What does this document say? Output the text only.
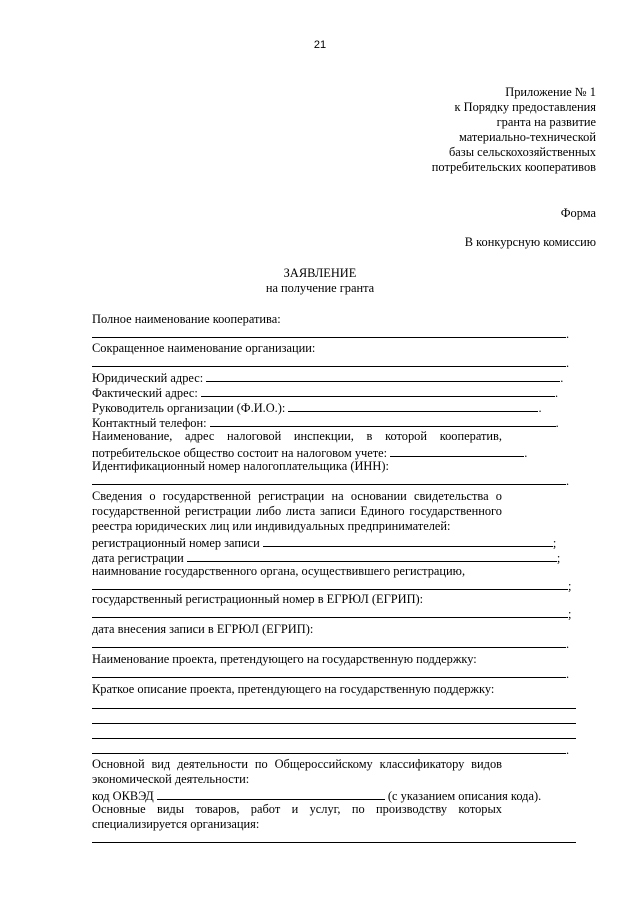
21
Приложение № 1
к Порядку предоставления
гранта на развитие
материально-технической
базы сельскохозяйственных
потребительских кооперативов
Форма
В конкурсную комиссию
ЗАЯВЛЕНИЕ
на получение гранта
Полное наименование кооператива:
.
Сокращенное наименование организации:
.
Юридический адрес:	.
Фактический адрес:	.
Руководитель организации (Ф.И.О.):	.
Контактный телефон:	.
Наименование, адрес налоговой инспекции, в которой кооператив,
потребительское общество состоит на налоговом учете:	.
Идентификационный номер налогоплательщика (ИНН):
.
Сведения о государственной регистрации на основании свидетельства о
государственной регистрации либо листа записи Единого государственного
реестра юридических лиц или индивидуальных предпринимателей:
регистрационный номер записи	;
дата регистрации	;
наимнование государственного органа, осуществившего регистрацию,
;
государственный регистрационный номер в ЕГРЮЛ (ЕГРИП):
;
дата внесения записи в ЕГРЮЛ (ЕГРИП):
.
Наименование проекта, претендующего на государственную поддержку:
.
Краткое описание проекта, претендующего на государственную поддержку:
.
Основной вид деятельности по Общероссийскому классификатору видов
экономической деятельности:
код ОКВЭД	(с указанием описания кода).
Основные виды товаров, работ и услуг, по производству которых
специализируется организация:
